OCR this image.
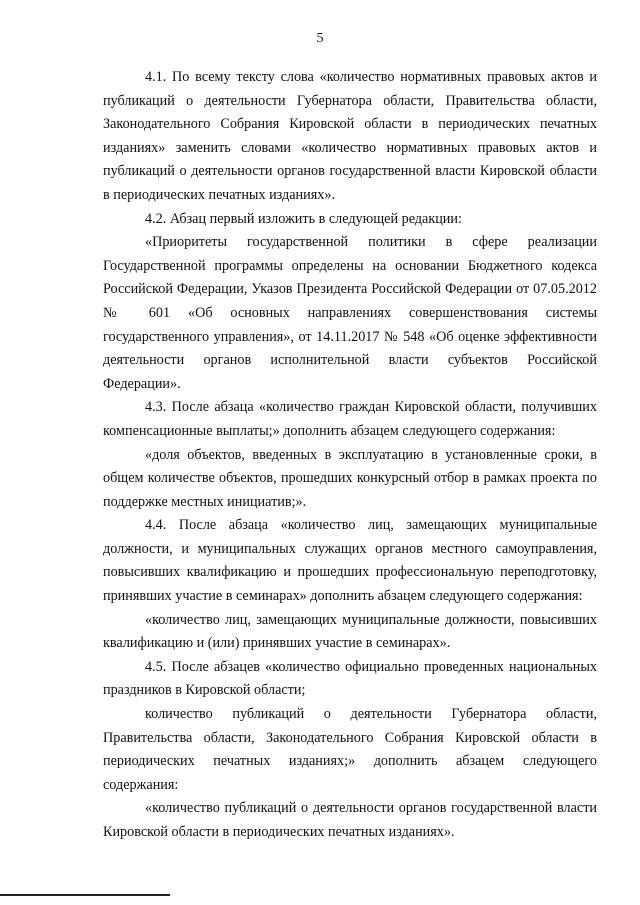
5

4.1. По всему тексту слова «количество нормативных правовых актов и публикаций о деятельности Губернатора области, Правительства области, Законодательного Собрания Кировской области в периодических печатных изданиях» заменить словами «количество нормативных правовых актов и публикаций о деятельности органов государственной власти Кировской области в периодических печатных изданиях».

4.2. Абзац первый изложить в следующей редакции:

«Приоритеты государственной политики в сфере реализации Государственной программы определены на основании Бюджетного кодекса Российской Федерации, Указов Президента Российской Федерации от 07.05.2012 № 601 «Об основных направлениях совершенствования системы государственного управления», от 14.11.2017 № 548 «Об оценке эффективности деятельности органов исполнительной власти субъектов Российской Федерации».

4.3. После абзаца «количество граждан Кировской области, получивших компенсационные выплаты;» дополнить абзацем следующего содержания:

«доля объектов, введенных в эксплуатацию в установленные сроки, в общем количестве объектов, прошедших конкурсный отбор в рамках проекта по поддержке местных инициатив;».

4.4. После абзаца «количество лиц, замещающих муниципальные должности, и муниципальных служащих органов местного самоуправления, повысивших квалификацию и прошедших профессиональную переподготовку, принявших участие в семинарах» дополнить абзацем следующего содержания:

«количество лиц, замещающих муниципальные должности, повысивших квалификацию и (или) принявших участие в семинарах».

4.5. После абзацев «количество официально проведенных национальных праздников в Кировской области;

количество публикаций о деятельности Губернатора области, Правительства области, Законодательного Собрания Кировской области в периодических печатных изданиях;» дополнить абзацем следующего содержания:

«количество публикаций о деятельности органов государственной власти Кировской области в периодических печатных изданиях».
